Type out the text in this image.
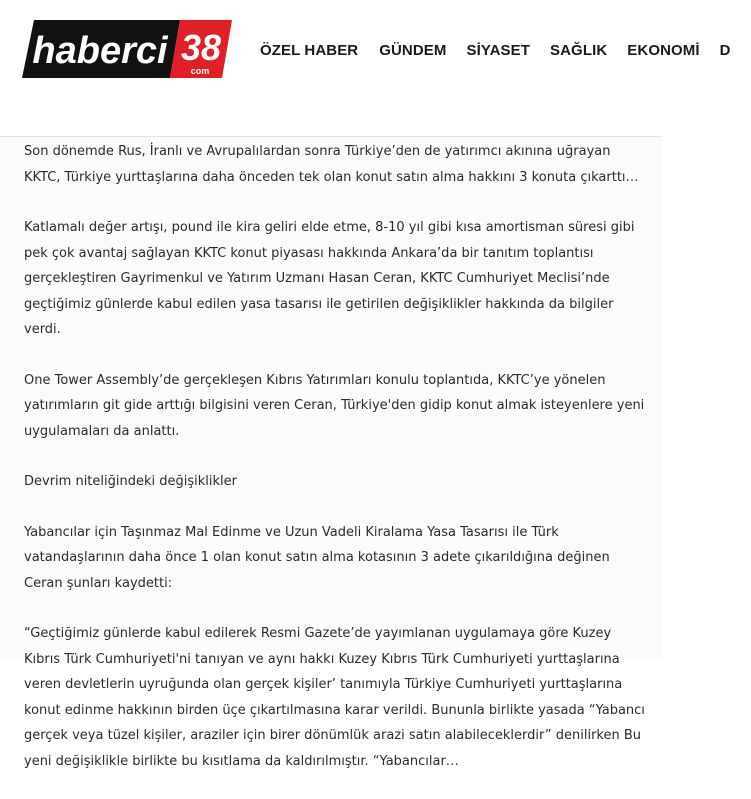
haberci 38
com
ÖZEL HABER GÜNDEM SİYASET SAĞLIK EKONOMİ D

Son dönemde Rus, İranlı ve Avrupalılardan sonra Türkiye’den de yatırımcı akınına uğrayan KKTC, Türkiye yurttaşlarına daha önceden tek olan konut satın alma hakkını 3 konuta çıkarttı…

Katlamalı değer artışı, pound ile kira geliri elde etme, 8-10 yıl gibi kısa amortisman süresi gibi pek çok avantaj sağlayan KKTC konut piyasası hakkında Ankara’da bir tanıtım toplantısı gerçekleştiren Gayrimenkul ve Yatırım Uzmanı Hasan Ceran, KKTC Cumhuriyet Meclisi’nde geçtiğimiz günlerde kabul edilen yasa tasarısı ile getirilen değişiklikler hakkında da bilgiler verdi.

One Tower Assembly’de gerçekleşen Kıbrıs Yatırımları konulu toplantıda, KKTC’ye yönelen yatırımların git gide arttığı bilgisini veren Ceran, Türkiye'den gidip konut almak isteyenlere yeni uygulamaları da anlattı.

Devrim niteliğindeki değişiklikler

Yabancılar için Taşınmaz Mal Edinme ve Uzun Vadeli Kiralama Yasa Tasarısı ile Türk vatandaşlarının daha önce 1 olan konut satın alma kotasının 3 adete çıkarıldığına değinen Ceran şunları kaydetti:

“Geçtiğimiz günlerde kabul edilerek Resmi Gazete’de yayımlanan uygulamaya göre Kuzey Kıbrıs Türk Cumhuriyeti'ni tanıyan ve aynı hakkı Kuzey Kıbrıs Türk Cumhuriyeti yurttaşlarına veren devletlerin uyruğunda olan gerçek kişiler’ tanımıyla Türkiye Cumhuriyeti yurttaşlarına konut edinme hakkının birden üçe çıkartılmasına karar verildi. Bununla birlikte yasada “Yabancı gerçek veya tüzel kişiler, araziler için birer dönümlük arazi satın alabileceklerdir” denilirken Bu yeni değişiklikle birlikte bu kısıtlama da kaldırılmıştır. “Yabancılar…
